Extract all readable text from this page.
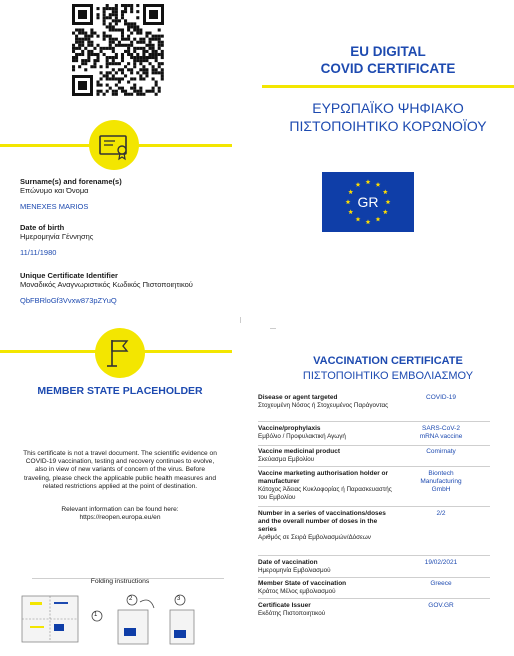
Surname(s) and forename(s)
Επώνυμο και Όνομα
MENEXES MARIOS
Date of birth
Ημερομηνία Γέννησης
11/11/1980
Unique Certificate Identifier
Μοναδικός Αναγνωριστικός Κωδικός Πιστοποιητικού
QbFBRloGf3Vvxw873pZYuQ
EU DIGITAL
COVID CERTIFICATE
ΕΥΡΩΠΑΪΚΟ ΨΗΦΙΑΚΟ
ΠΙΣΤΟΠΟΙΗΤΙΚΟ ΚΟΡΩΝΟΪΟΥ
GR
MEMBER STATE PLACEHOLDER
This certificate is not a travel document. The scientific evidence on COVID-19 vaccination, testing and recovery continues to evolve, also in view of new variants of concern of the virus. Before traveling, please check the applicable public health measures and related restrictions applied at the point of destination.
Relevant information can be found here:
https://reopen.europa.eu/en
Folding instructions
1
2	3
VACCINATION CERTIFICATE
ΠΙΣΤΟΠΟΙΗΤΙΚΟ ΕΜΒΟΛΙΑΣΜΟΥ
Disease or agent targeted
Στοχευμένη Νόσος ή Στοχευμένος Παράγοντας
COVID-19
Vaccine/prophylaxis
Εμβόλιο / Προφυλακτική Αγωγή
SARS-CoV-2 mRNA vaccine
Vaccine medicinal product
Σκεύασμα Εμβολίου
Comirnaty
Vaccine marketing authorisation holder or manufacturer
Κάτοχος Άδειας Κυκλοφορίας ή Παρασκευαστής του Εμβολίου
Biontech Manufacturing GmbH
Number in a series of vaccinations/doses and the overall number of doses in the series
Αριθμός σε Σειρά Εμβολιασμών/Δόσεων
2/2
Date of vaccination
Ημερομηνία Εμβολιασμού
19/02/2021
Member State of vaccination
Κράτος Μέλος εμβολιασμού
Greece
Certificate Issuer
Εκδότης Πιστοποιητικού
GOV.GR
